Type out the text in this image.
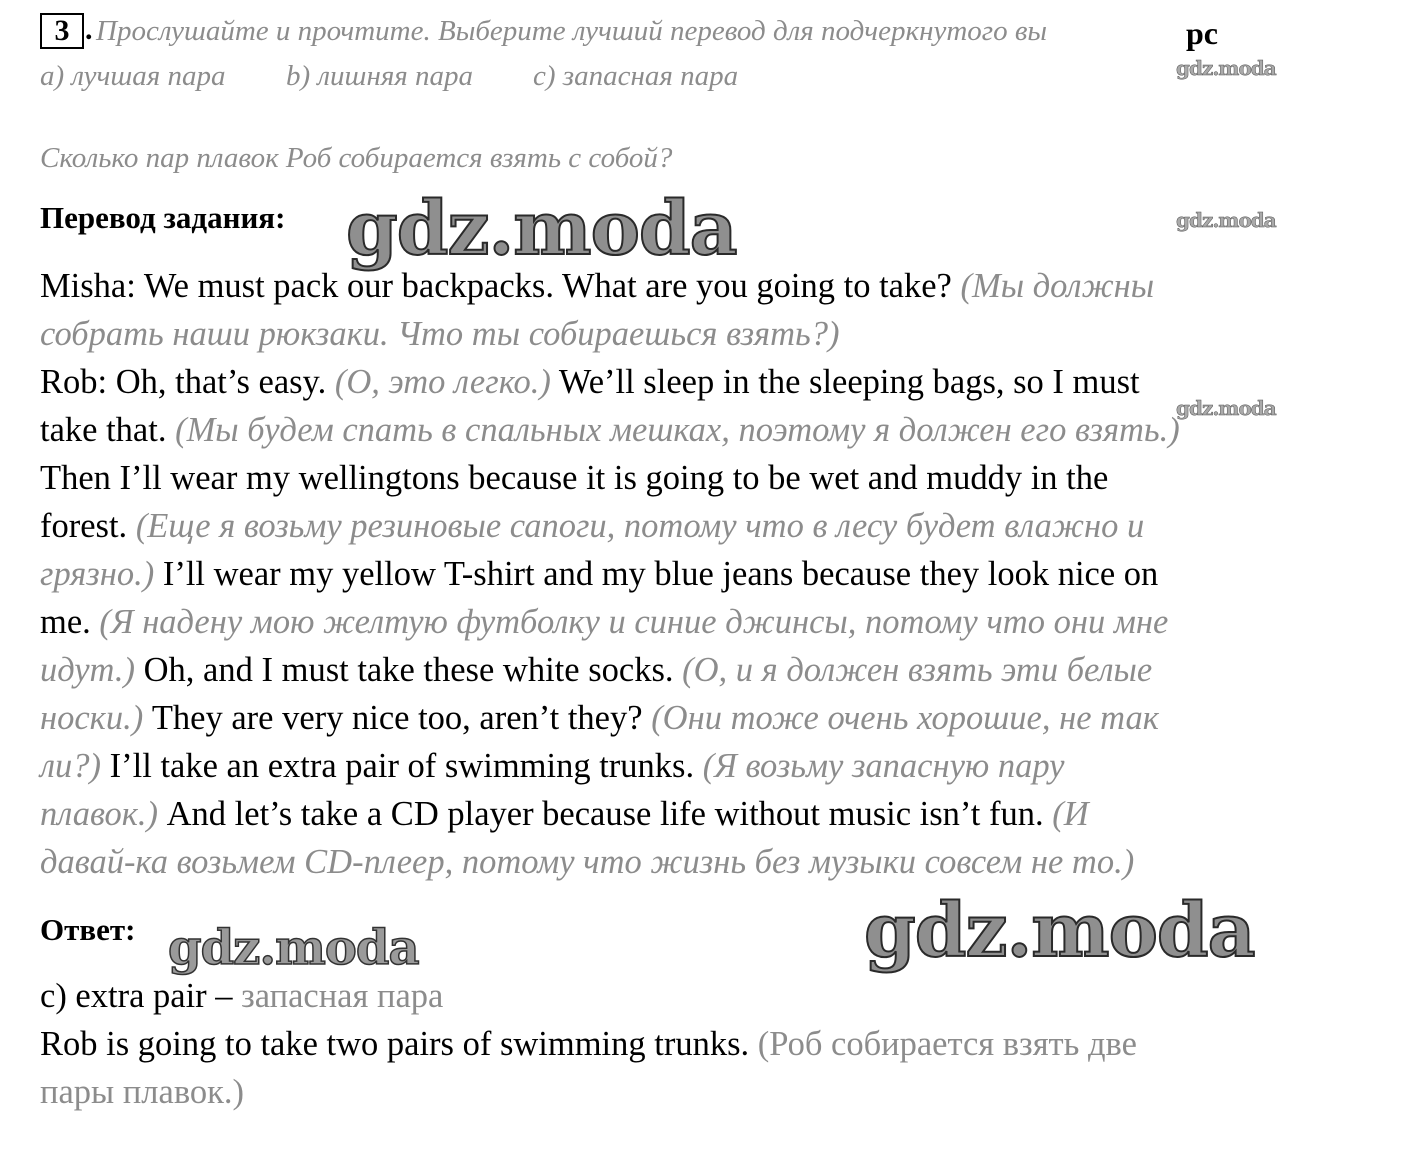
3 . Прослушайте и прочтите. Выберите лучший перевод для подчеркнутого вы	рс
a) лучшая пара b) лишняя пара c) запасная пара
Сколько пар плавок Роб собирается взять с собой?
Перевод задания:
Misha: We must pack our backpacks. What are you going to take? (Мы должны
собрать наши рюкзаки. Что ты собираешься взять?)
Rob: Oh, that’s easy. (О, это легко.) We’ll sleep in the sleeping bags, so I must
take that. (Мы будем спать в спальных мешках, поэтому я должен его взять.)
Then I’ll wear my wellingtons because it is going to be wet and muddy in the
forest. (Еще я возьму резиновые сапоги, потому что в лесу будет влажно и
грязно.) I’ll wear my yellow T-shirt and my blue jeans because they look nice on
me. (Я надену мою желтую футболку и синие джинсы, потому что они мне
идут.) Oh, and I must take these white socks. (О, и я должен взять эти белые
носки.) They are very nice too, aren’t they? (Они тоже очень хорошие, не так
ли?) I’ll take an extra pair of swimming trunks. (Я возьму запасную пару
плавок.) And let’s take a CD player because life without music isn’t fun. (И
давай-ка возьмем CD-плеер, потому что жизнь без музыки совсем не то.)
Ответ:
c) extra pair – запасная пара
Rob is going to take two pairs of swimming trunks. (Роб собирается взять две
пары плавок.)
gdz.moda
gdz.moda
gdz.moda
gdz.moda
gdz.moda	gdz.moda
